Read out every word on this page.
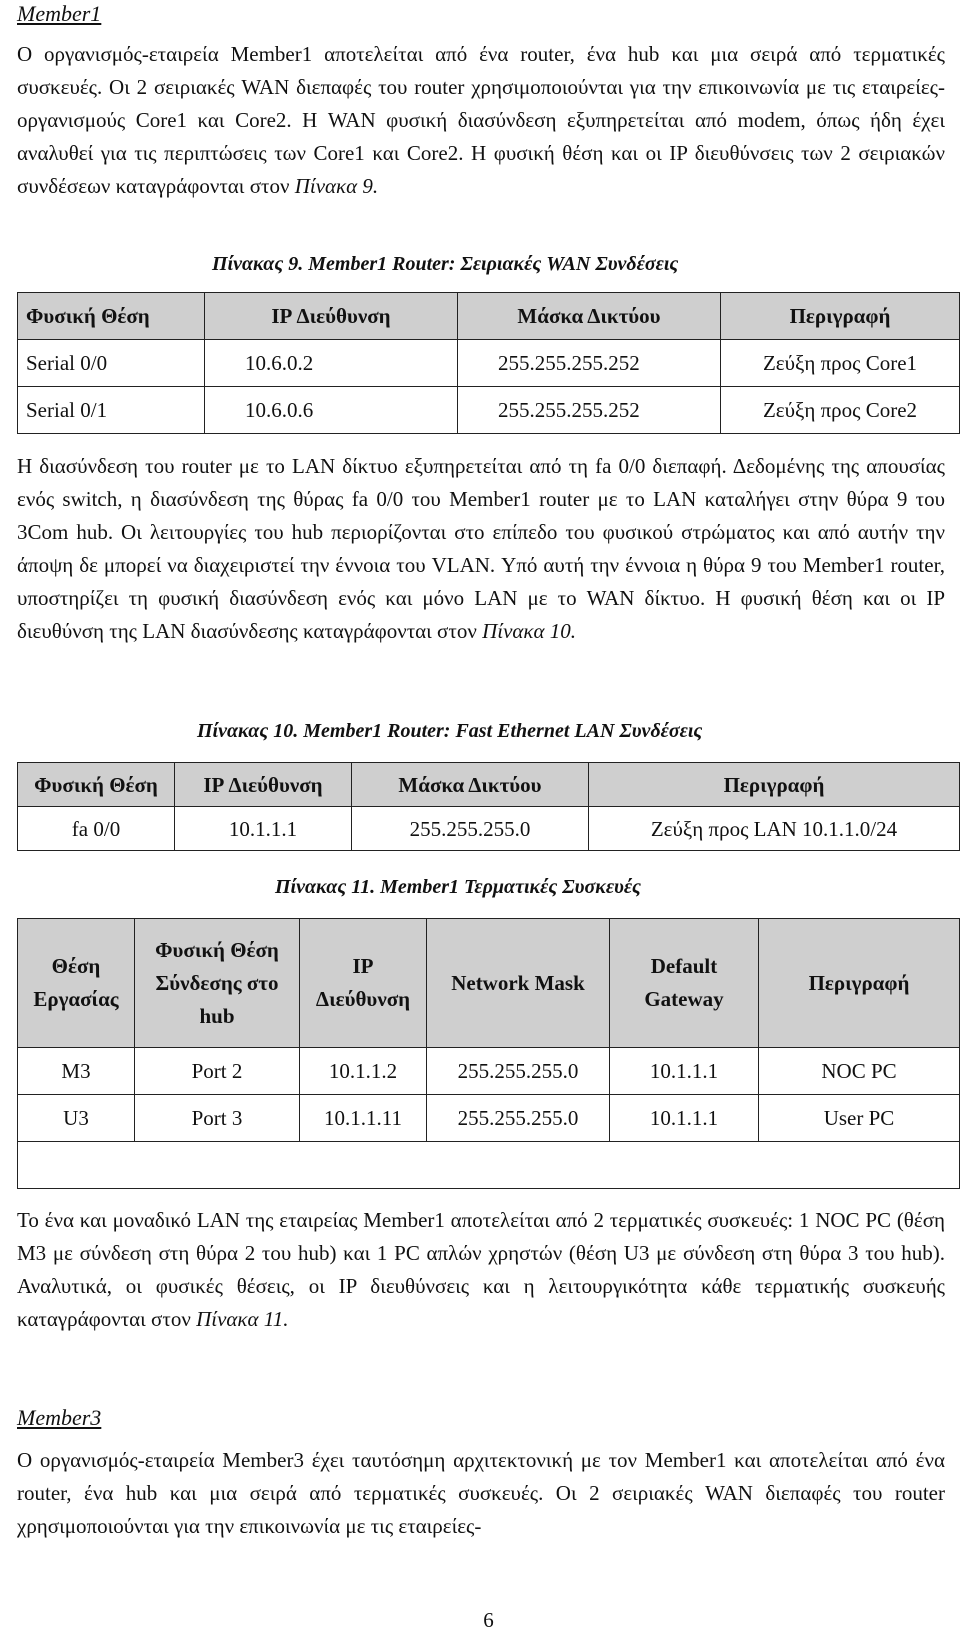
Member1

Ο οργανισμός-εταιρεία Member1 αποτελείται από ένα router, ένα hub και μια σειρά από τερματικές συσκευές. Οι 2 σειριακές WAN διεπαφές του router χρησιμοποιούνται για την επικοινωνία με τις εταιρείες-οργανισμούς Core1 και Core2. Η WAN φυσική διασύνδεση εξυπηρετείται από modem, όπως ήδη έχει αναλυθεί για τις περιπτώσεις των Core1 και Core2. Η φυσική θέση και οι IP διευθύνσεις των 2 σειριακών συνδέσεων καταγράφονται στον Πίνακα 9.

Πίνακας 9. Member1 Router: Σειριακές WAN Συνδέσεις
Φυσική Θέση	IP Διεύθυνση	Μάσκα Δικτύου	Περιγραφή
Serial 0/0	10.6.0.2	255.255.255.252	Ζεύξη προς Core1
Serial 0/1	10.6.0.6	255.255.255.252	Ζεύξη προς Core2

Η διασύνδεση του router με το LAN δίκτυο εξυπηρετείται από τη fa 0/0 διεπαφή. Δεδομένης της απουσίας ενός switch, η διασύνδεση της θύρας fa 0/0 του Member1 router με το LAN καταλήγει στην θύρα 9 του 3Com hub. Οι λειτουργίες του hub περιορίζονται στο επίπεδο του φυσικού στρώματος και από αυτήν την άποψη δε μπορεί να διαχειριστεί την έννοια του VLAN. Υπό αυτή την έννοια η θύρα 9 του Member1 router, υποστηρίζει τη φυσική διασύνδεση ενός και μόνο LAN με το WAN δίκτυο. Η φυσική θέση και οι IP διευθύνση της LAN διασύνδεσης καταγράφονται στον Πίνακα 10.

Πίνακας 10. Member1 Router: Fast Ethernet LAN Συνδέσεις
Φυσική Θέση	IP Διεύθυνση	Μάσκα Δικτύου	Περιγραφή
fa 0/0	10.1.1.1	255.255.255.0	Ζεύξη προς LAN 10.1.1.0/24
Πίνακας 11. Member1 Τερματικές Συσκευές
Θέση Εργασίας	Φυσική Θέση Σύνδεσης στο hub	IP Διεύθυνση	Network Mask	Default Gateway	Περιγραφή
M3	Port 2	10.1.1.2	255.255.255.0	10.1.1.1	NOC PC
U3	Port 3	10.1.1.11	255.255.255.0	10.1.1.1	User PC

Το ένα και μοναδικό LAN της εταιρείας Member1 αποτελείται από 2 τερματικές συσκευές: 1 NOC PC (θέση M3 με σύνδεση στη θύρα 2 του hub) και 1 PC απλών χρηστών (θέση U3 με σύνδεση στη θύρα 3 του hub). Αναλυτικά, οι φυσικές θέσεις, οι IP διευθύνσεις και η λειτουργικότητα κάθε τερματικής συσκευής καταγράφονται στον Πίνακα 11.

Member3

Ο οργανισμός-εταιρεία Member3 έχει ταυτόσημη αρχιτεκτονική με τον Member1 και αποτελείται από ένα router, ένα hub και μια σειρά από τερματικές συσκευές. Οι 2 σειριακές WAN διεπαφές του router χρησιμοποιούνται για την επικοινωνία με τις εταιρείες-

6
